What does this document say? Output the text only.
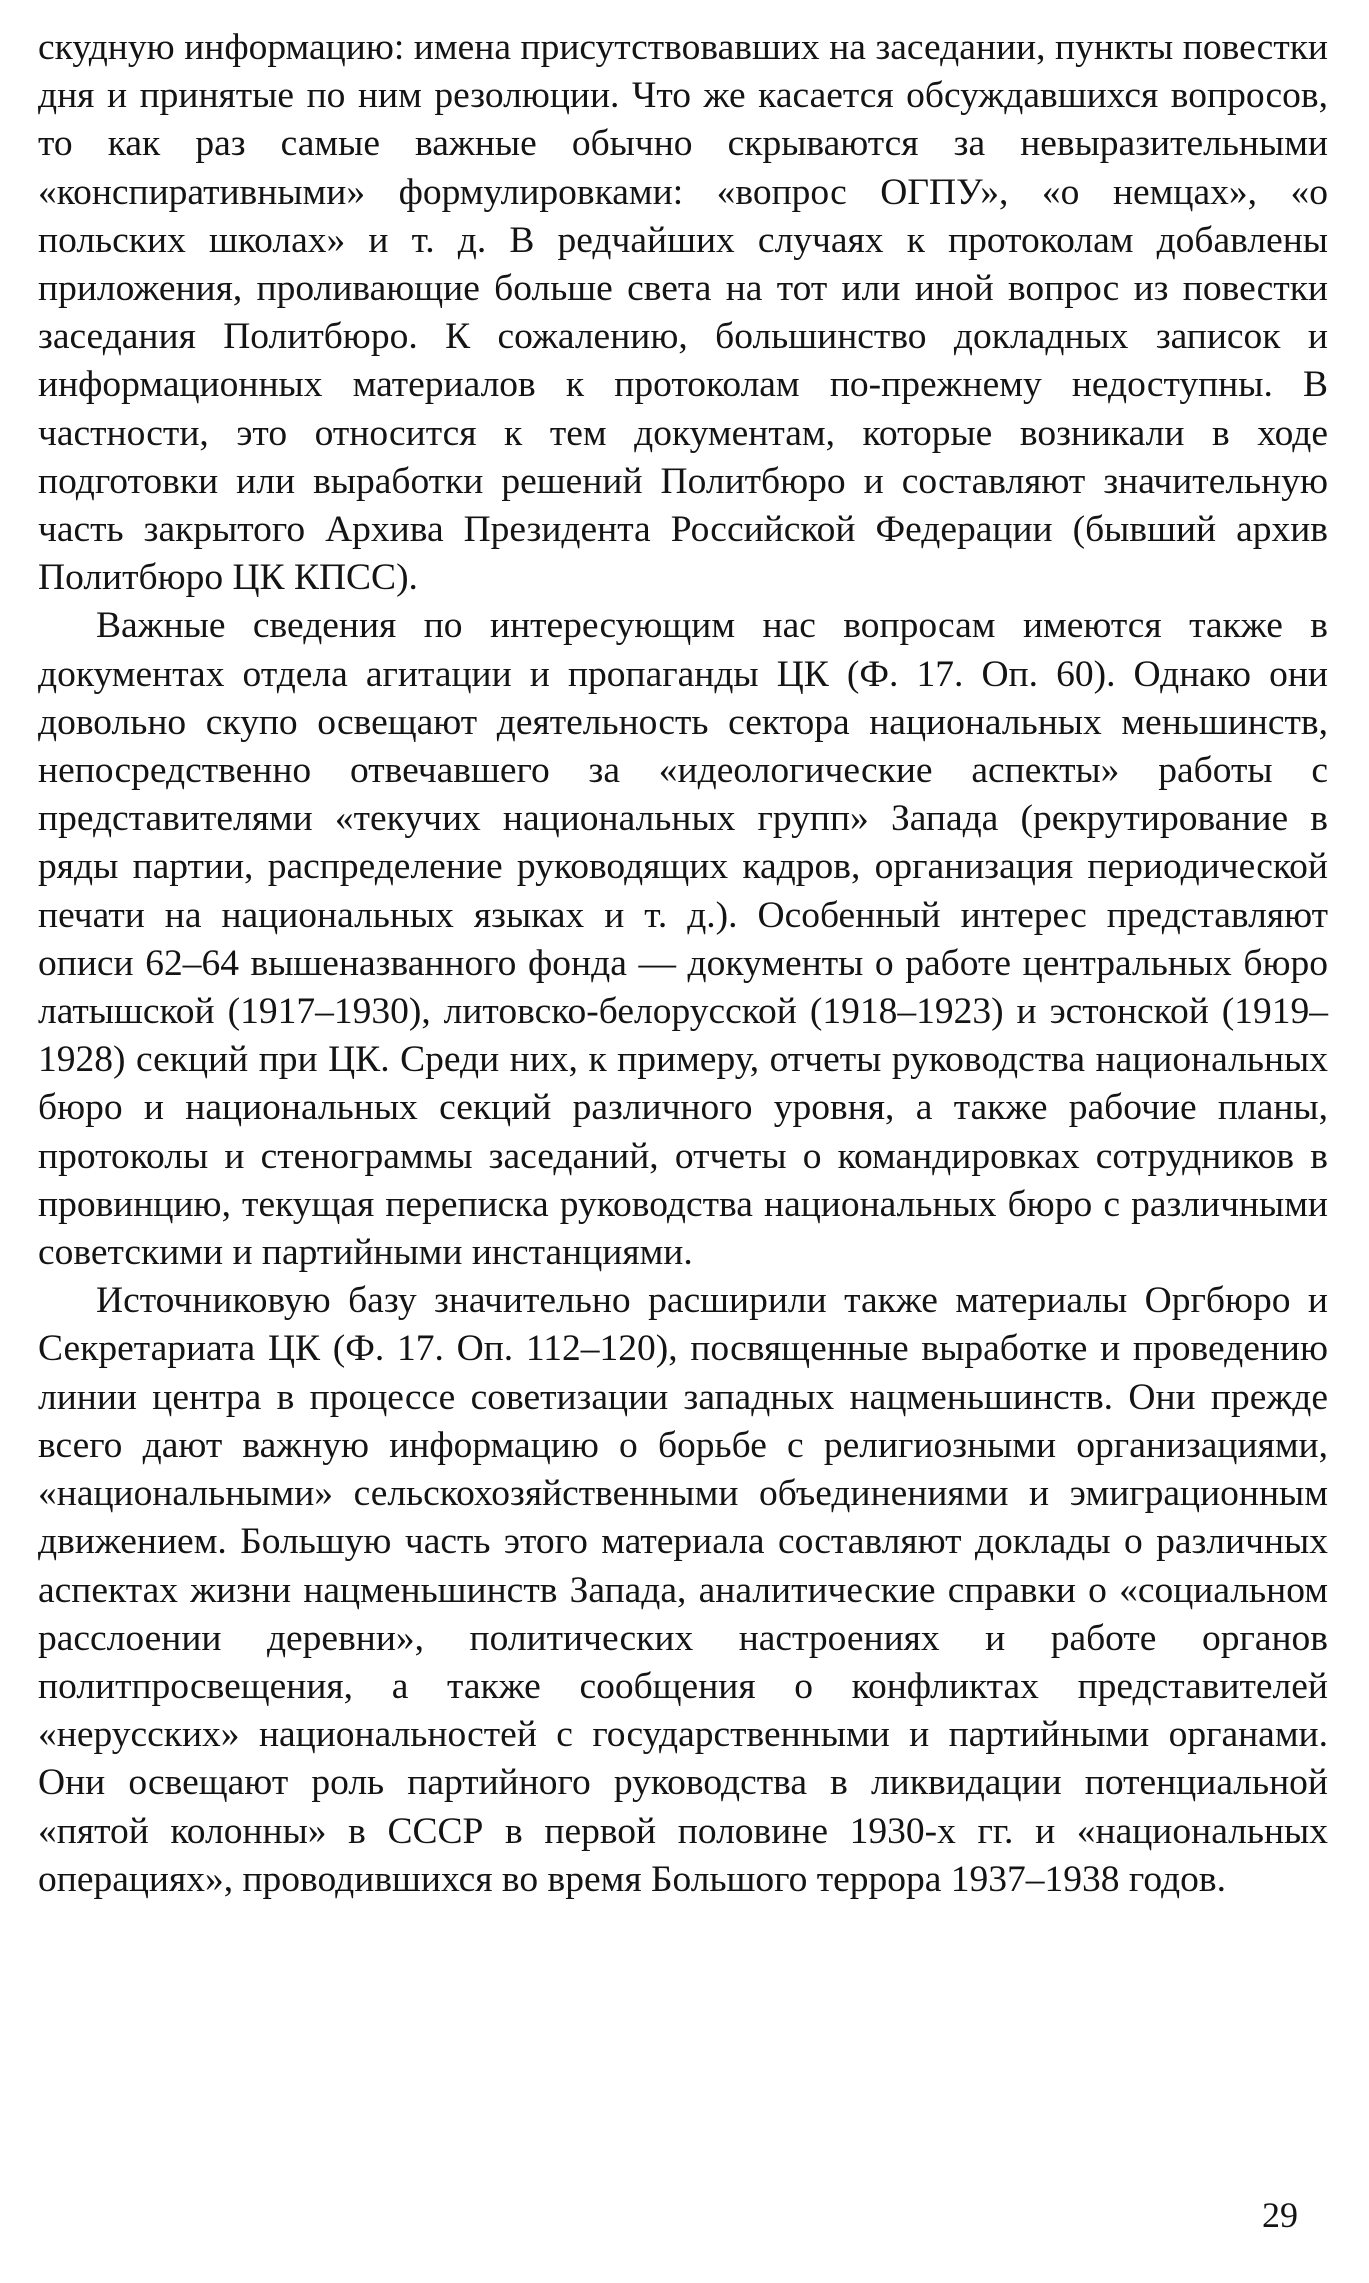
скудную информацию: имена присутствовавших на заседании, пункты повестки дня и принятые по ним резолюции. Что же касается обсуждавшихся вопросов, то как раз самые важные обычно скрываются за невыразительными «конспиративными» формулировками: «вопрос ОГПУ», «о немцах», «о польских школах» и т. д. В редчайших случаях к протоколам добавлены приложения, проливающие больше света на тот или иной вопрос из повестки заседания Политбюро. К сожалению, большинство докладных записок и информационных материалов к протоколам по-прежнему недоступны. В частности, это относится к тем документам, которые возникали в ходе подготовки или выработки решений Политбюро и составляют значительную часть закрытого Архива Президента Российской Федерации (бывший архив Политбюро ЦК КПСС).

Важные сведения по интересующим нас вопросам имеются также в документах отдела агитации и пропаганды ЦК (Ф. 17. Оп. 60). Однако они довольно скупо освещают деятельность сектора национальных меньшинств, непосредственно отвечавшего за «идеологические аспекты» работы с представителями «текучих национальных групп» Запада (рекрутирование в ряды партии, распределение руководящих кадров, организация периодической печати на национальных языках и т. д.). Особенный интерес представляют описи 62–64 вышеназванного фонда — документы о работе центральных бюро латышской (1917–1930), литовско-белорусской (1918–1923) и эстонской (1919–1928) секций при ЦК. Среди них, к примеру, отчеты руководства национальных бюро и национальных секций различного уровня, а также рабочие планы, протоколы и стенограммы заседаний, отчеты о командировках сотрудников в провинцию, текущая переписка руководства национальных бюро с различными советскими и партийными инстанциями.

Источниковую базу значительно расширили также материалы Оргбюро и Секретариата ЦК (Ф. 17. Оп. 112–120), посвященные выработке и проведению линии центра в процессе советизации западных нацменьшинств. Они прежде всего дают важную информацию о борьбе с религиозными организациями, «национальными» сельскохозяйственными объединениями и эмиграционным движением. Большую часть этого материала составляют доклады о различных аспектах жизни нацменьшинств Запада, аналитические справки о «социальном расслоении деревни», политических настроениях и работе органов политпросвещения, а также сообщения о конфликтах представителей «нерусских» национальностей с государственными и партийными органами. Они освещают роль партийного руководства в ликвидации потенциальной «пятой колонны» в СССР в первой половине 1930-х гг. и «национальных операциях», проводившихся во время Большого террора 1937–1938 годов.

29
